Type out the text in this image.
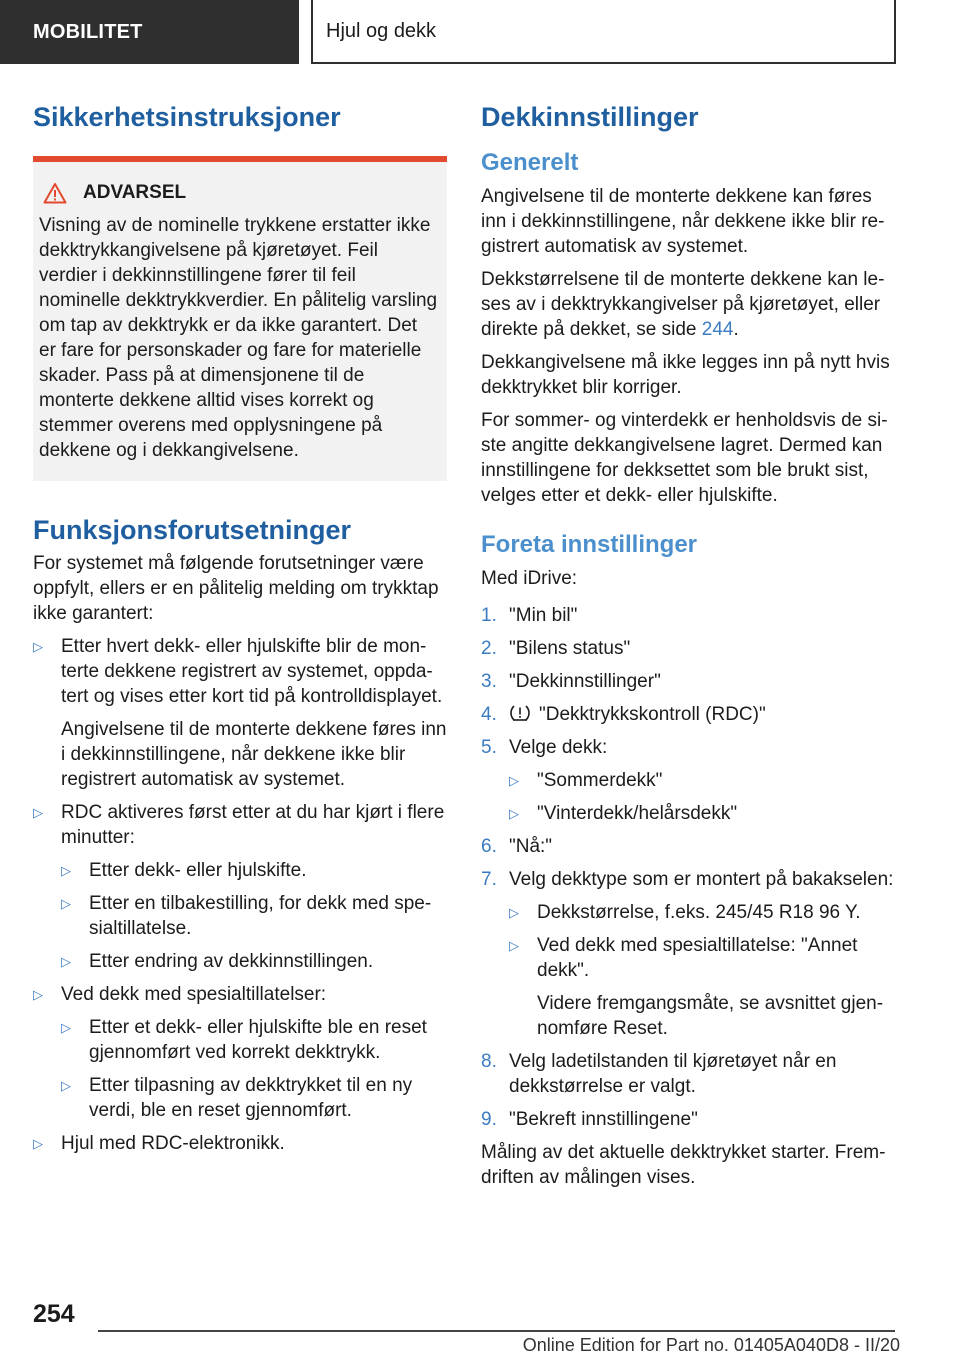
MOBILITET	Hjul og dekk
Sikkerhetsinstruksjoner
ADVARSEL
Visning av de nominelle trykkene erstatter ikke dekktrykkangivelsene på kjøretøyet. Feil verdier i dekkinnstillingene fører til feil nominelle dekktrykkverdier. En pålitelig varsling om tap av dekktrykk er da ikke garantert. Det er fare for personskader og fare for materielle skader. Pass på at dimensjonene til de monterte dekkene alltid vises korrekt og stemmer overens med opplysningene på dekkene og i dekkangivelsene.
Funksjonsforutsetninger

For systemet må følgende forutsetninger være oppfylt, ellers er en pålitelig melding om trykktap ikke garantert:

▷ Etter hvert dekk- eller hjulskifte blir de monterte dekkene registrert av systemet, oppdatert og vises etter kort tid på kontrolldisplayet.

Angivelsene til de monterte dekkene føres inn i dekkinnstillingene, når dekkene ikke blir registrert automatisk av systemet.

▷ RDC aktiveres først etter at du har kjørt i flere minutter:
▷ Etter dekk- eller hjulskifte.
▷ Etter en tilbakestilling, for dekk med spesialtillatelse.
▷ Etter endring av dekkinnstillingen.
▷ Ved dekk med spesialtillatelser:
▷ Etter et dekk- eller hjulskifte ble en reset gjennomført ved korrekt dekktrykk.
▷ Etter tilpasning av dekktrykket til en ny verdi, ble en reset gjennomført.
▷ Hjul med RDC-elektronikk.
Dekkinnstillinger
Generelt

Angivelsene til de monterte dekkene kan føres inn i dekkinnstillingene, når dekkene ikke blir registrert automatisk av systemet.

Dekkstørrelsene til de monterte dekkene kan leses av i dekktrykkangivelser på kjøretøyet, eller direkte på dekket, se side 244.

Dekkangivelsene må ikke legges inn på nytt hvis dekktrykket blir korriger.

For sommer- og vinterdekk er henholdsvis de siste angitte dekkangivelsene lagret. Dermed kan innstillingene for dekksettet som ble brukt sist, velges etter et dekk- eller hjulskifte.

Foreta innstillinger

Med iDrive:

1. "Min bil"
2. "Bilens status"
3. "Dekkinnstillinger"
4. "Dekktrykkskontroll (RDC)"
5. Velge dekk:
▷ "Sommerdekk"
▷ "Vinterdekk/helårsdekk"
6. "Nå:"
7. Velg dekktype som er montert på bakakselen:
▷ Dekkstørrelse, f.eks. 245/45 R18 96 Y.
▷ Ved dekk med spesialtillatelse: "Annet dekk".

Videre fremgangsmåte, se avsnittet gjennomføre Reset.

8. Velg ladetilstanden til kjøretøyet når en dekkstørrelse er valgt.
9. "Bekreft innstillingene"

Måling av det aktuelle dekktrykket starter. Fremdriften av målingen vises.

254
Online Edition for Part no. 01405A040D8 - II/20
